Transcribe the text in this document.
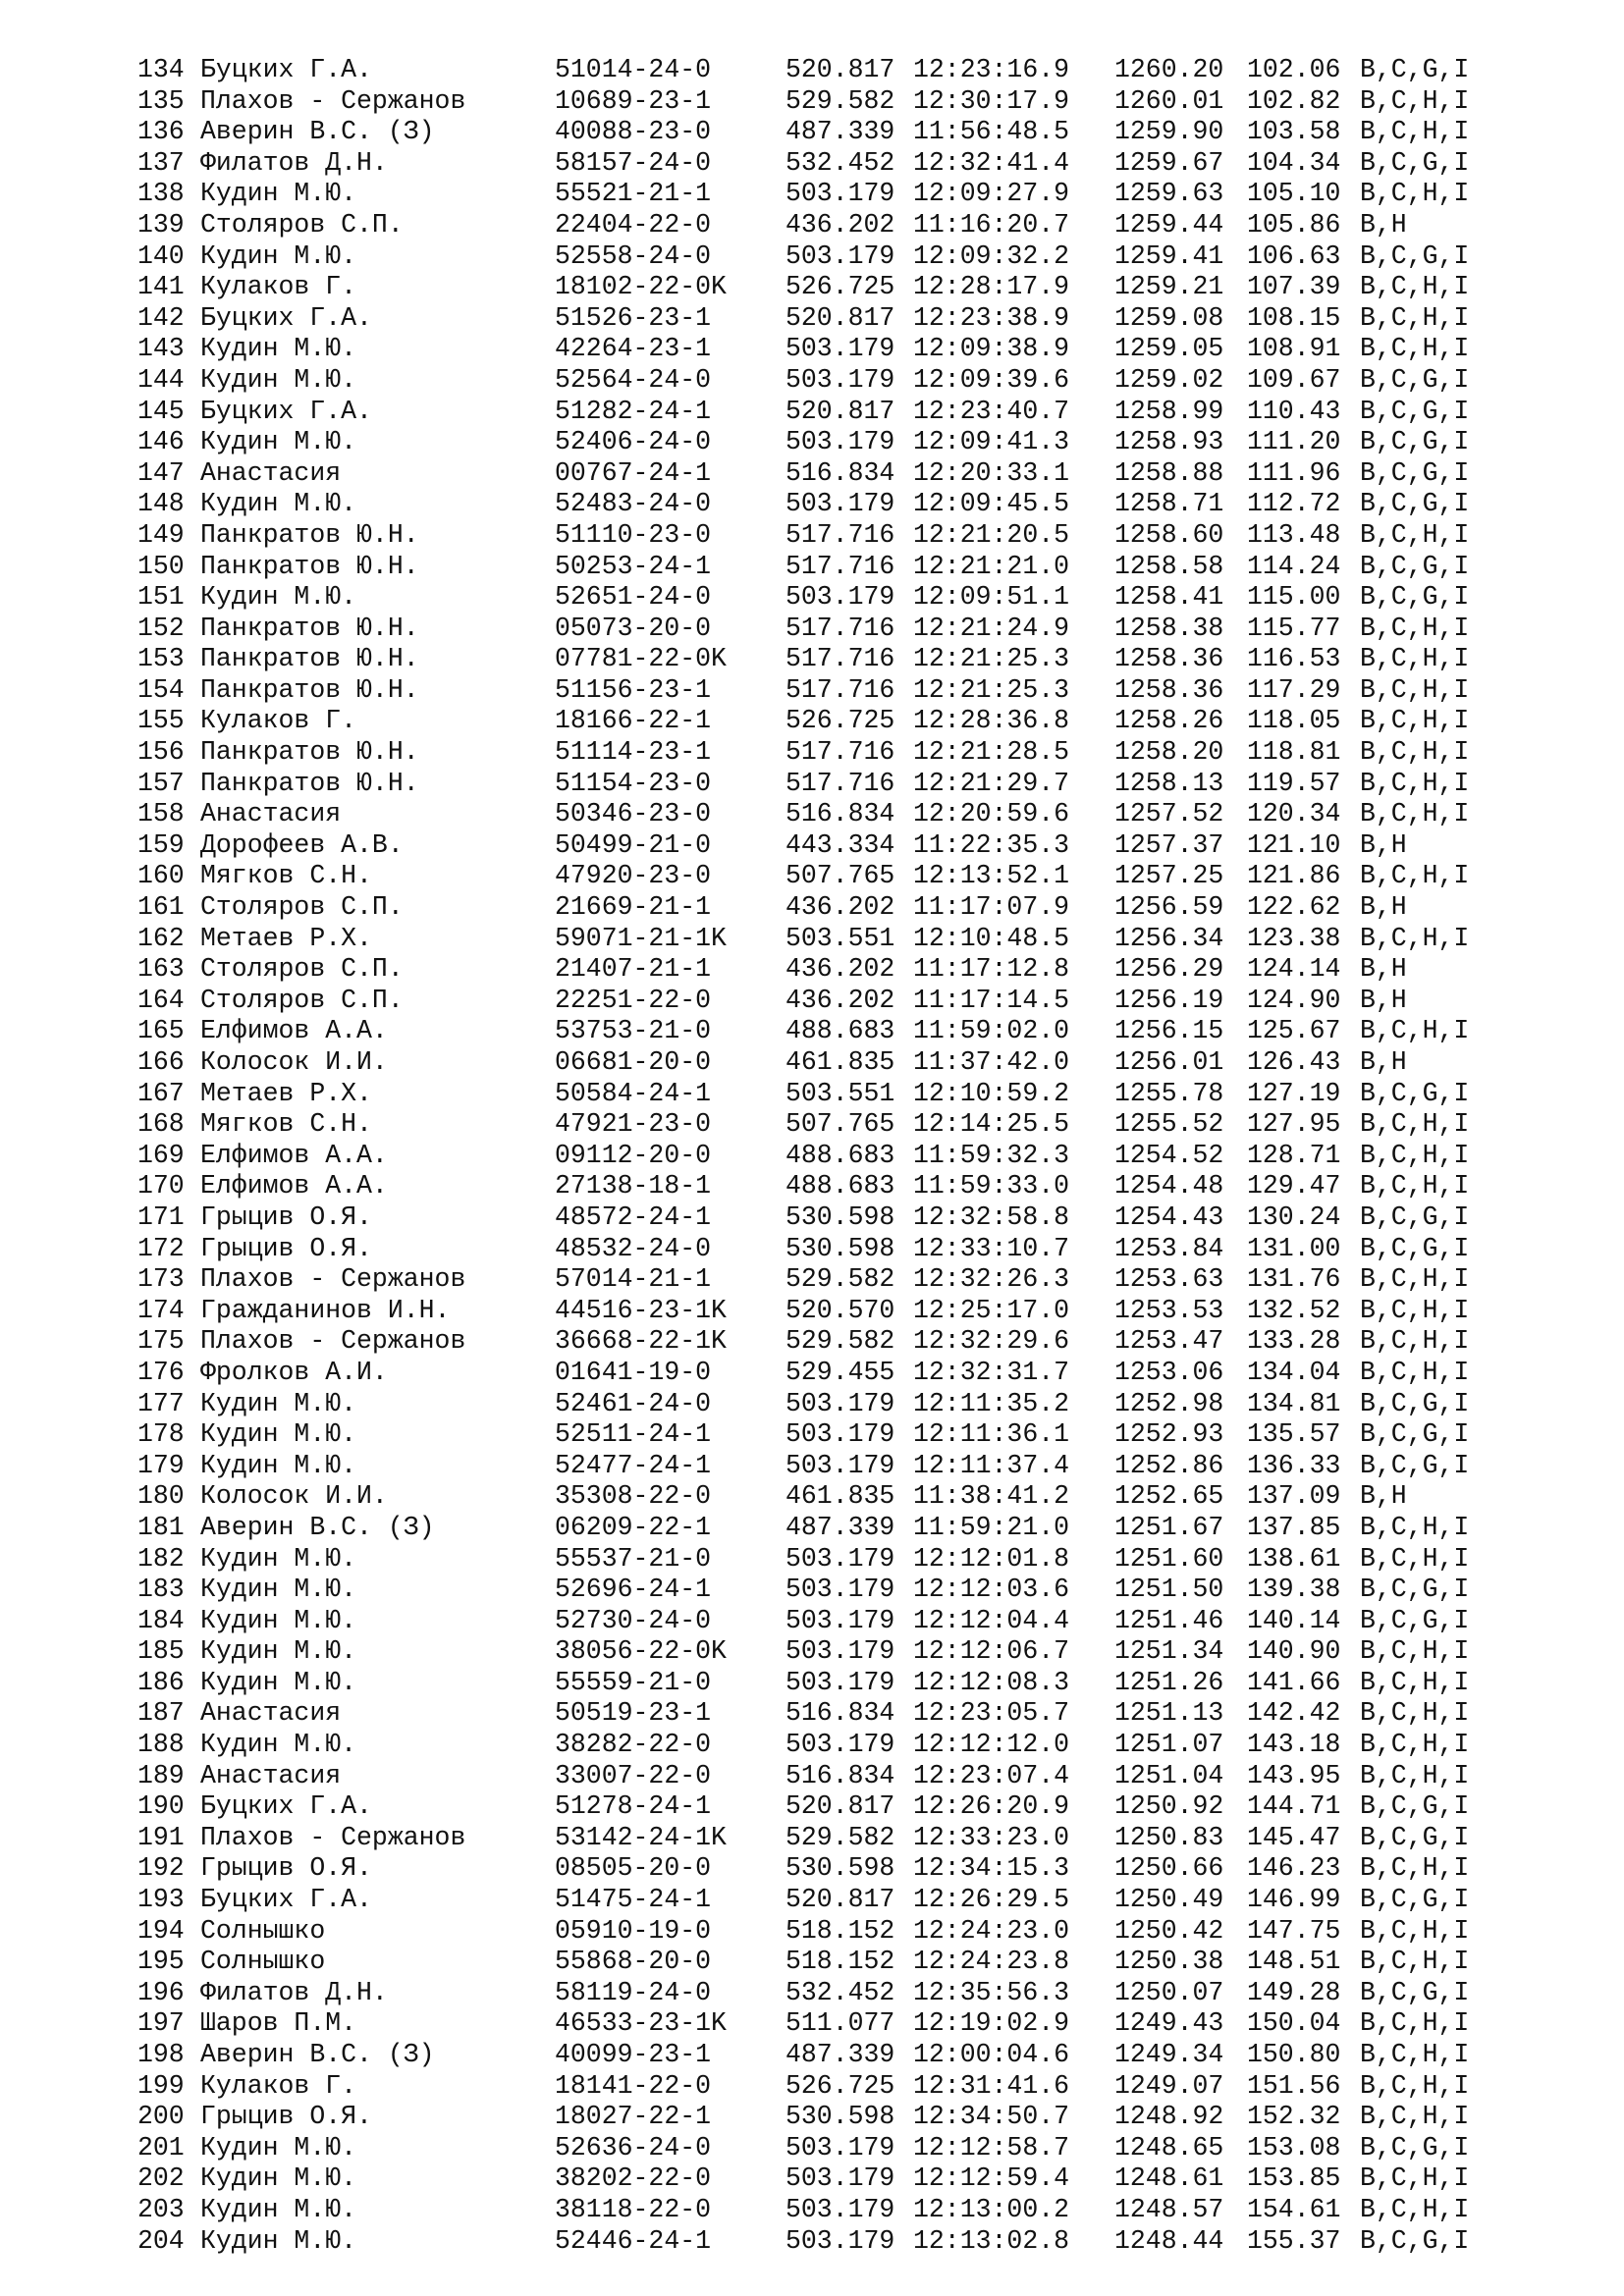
134 Буцких Г.А.	51014-24-0	520.817 12:23:16.9 1260.20 102.06 B,C,G,I
135 Плахов - Сержанов	10689-23-1	529.582 12:30:17.9 1260.01 102.82 B,C,H,I
136 Аверин В.С. (З)	40088-23-0	487.339 11:56:48.5 1259.90 103.58 B,C,H,I
137 Филатов Д.Н.	58157-24-0	532.452 12:32:41.4 1259.67 104.34 B,C,G,I
138 Кудин М.Ю.	55521-21-1	503.179 12:09:27.9 1259.63 105.10 B,C,H,I
139 Столяров С.П.	22404-22-0	436.202 11:16:20.7 1259.44 105.86 B,H
140 Кудин М.Ю.	52558-24-0	503.179 12:09:32.2 1259.41 106.63 B,C,G,I
141 Кулаков Г.	18102-22-0K 526.725 12:28:17.9 1259.21 107.39 B,C,H,I
142 Буцких Г.А.	51526-23-1	520.817 12:23:38.9 1259.08 108.15 B,C,H,I
143 Кудин М.Ю.	42264-23-1	503.179 12:09:38.9 1259.05 108.91 B,C,H,I
144 Кудин М.Ю.	52564-24-0	503.179 12:09:39.6 1259.02 109.67 B,C,G,I
145 Буцких Г.А.	51282-24-1	520.817 12:23:40.7 1258.99 110.43 B,C,G,I
146 Кудин М.Ю.	52406-24-0	503.179 12:09:41.3 1258.93 111.20 B,C,G,I
147 Анастасия	00767-24-1	516.834 12:20:33.1 1258.88 111.96 B,C,G,I
148 Кудин М.Ю.	52483-24-0	503.179 12:09:45.5 1258.71 112.72 B,C,G,I
149 Панкратов Ю.Н.	51110-23-0	517.716 12:21:20.5 1258.60 113.48 B,C,H,I
150 Панкратов Ю.Н.	50253-24-1	517.716 12:21:21.0 1258.58 114.24 B,C,G,I
151 Кудин М.Ю.	52651-24-0	503.179 12:09:51.1 1258.41 115.00 B,C,G,I
152 Панкратов Ю.Н.	05073-20-0	517.716 12:21:24.9 1258.38 115.77 B,C,H,I
153 Панкратов Ю.Н.	07781-22-0K 517.716 12:21:25.3 1258.36 116.53 B,C,H,I
154 Панкратов Ю.Н.	51156-23-1	517.716 12:21:25.3 1258.36 117.29 B,C,H,I
155 Кулаков Г.	18166-22-1	526.725 12:28:36.8 1258.26 118.05 B,C,H,I
156 Панкратов Ю.Н.	51114-23-1	517.716 12:21:28.5 1258.20 118.81 B,C,H,I
157 Панкратов Ю.Н.	51154-23-0	517.716 12:21:29.7 1258.13 119.57 B,C,H,I
158 Анастасия	50346-23-0	516.834 12:20:59.6 1257.52 120.34 B,C,H,I
159 Дорофеев А.В.	50499-21-0	443.334 11:22:35.3 1257.37 121.10 B,H
160 Мягков С.Н.	47920-23-0	507.765 12:13:52.1 1257.25 121.86 B,C,H,I
161 Столяров С.П.	21669-21-1	436.202 11:17:07.9 1256.59 122.62 B,H
162 Метаев Р.Х.	59071-21-1K 503.551 12:10:48.5 1256.34 123.38 B,C,H,I
163 Столяров С.П.	21407-21-1	436.202 11:17:12.8 1256.29 124.14 B,H
164 Столяров С.П.	22251-22-0	436.202 11:17:14.5 1256.19 124.90 B,H
165 Елфимов А.А.	53753-21-0	488.683 11:59:02.0 1256.15 125.67 B,C,H,I
166 Колосок И.И.	06681-20-0	461.835 11:37:42.0 1256.01 126.43 B,H
167 Метаев Р.Х.	50584-24-1	503.551 12:10:59.2 1255.78 127.19 B,C,G,I
168 Мягков С.Н.	47921-23-0	507.765 12:14:25.5 1255.52 127.95 B,C,H,I
169 Елфимов А.А.	09112-20-0	488.683 11:59:32.3 1254.52 128.71 B,C,H,I
170 Елфимов А.А.	27138-18-1	488.683 11:59:33.0 1254.48 129.47 B,C,H,I
171 Грыцив О.Я.	48572-24-1	530.598 12:32:58.8 1254.43 130.24 B,C,G,I
172 Грыцив О.Я.	48532-24-0	530.598 12:33:10.7 1253.84 131.00 B,C,G,I
173 Плахов - Сержанов	57014-21-1	529.582 12:32:26.3 1253.63 131.76 B,C,H,I
174 Гражданинов И.Н.	44516-23-1K 520.570 12:25:17.0 1253.53 132.52 B,C,H,I
175 Плахов - Сержанов	36668-22-1K 529.582 12:32:29.6 1253.47 133.28 B,C,H,I
176 Фролков А.И.	01641-19-0	529.455 12:32:31.7 1253.06 134.04 B,C,H,I
177 Кудин М.Ю.	52461-24-0	503.179 12:11:35.2 1252.98 134.81 B,C,G,I
178 Кудин М.Ю.	52511-24-1	503.179 12:11:36.1 1252.93 135.57 B,C,G,I
179 Кудин М.Ю.	52477-24-1	503.179 12:11:37.4 1252.86 136.33 B,C,G,I
180 Колосок И.И.	35308-22-0	461.835 11:38:41.2 1252.65 137.09 B,H
181 Аверин В.С. (З)	06209-22-1	487.339 11:59:21.0 1251.67 137.85 B,C,H,I
182 Кудин М.Ю.	55537-21-0	503.179 12:12:01.8 1251.60 138.61 B,C,H,I
183 Кудин М.Ю.	52696-24-1	503.179 12:12:03.6 1251.50 139.38 B,C,G,I
184 Кудин М.Ю.	52730-24-0	503.179 12:12:04.4 1251.46 140.14 B,C,G,I
185 Кудин М.Ю.	38056-22-0K 503.179 12:12:06.7 1251.34 140.90 B,C,H,I
186 Кудин М.Ю.	55559-21-0	503.179 12:12:08.3 1251.26 141.66 B,C,H,I
187 Анастасия	50519-23-1	516.834 12:23:05.7 1251.13 142.42 B,C,H,I
188 Кудин М.Ю.	38282-22-0	503.179 12:12:12.0 1251.07 143.18 B,C,H,I
189 Анастасия	33007-22-0	516.834 12:23:07.4 1251.04 143.95 B,C,H,I
190 Буцких Г.А.	51278-24-1	520.817 12:26:20.9 1250.92 144.71 B,C,G,I
191 Плахов - Сержанов	53142-24-1K 529.582 12:33:23.0 1250.83 145.47 B,C,G,I
192 Грыцив О.Я.	08505-20-0	530.598 12:34:15.3 1250.66 146.23 B,C,H,I
193 Буцких Г.А.	51475-24-1	520.817 12:26:29.5 1250.49 146.99 B,C,G,I
194 Солнышко	05910-19-0	518.152 12:24:23.0 1250.42 147.75 B,C,H,I
195 Солнышко	55868-20-0	518.152 12:24:23.8 1250.38 148.51 B,C,H,I
196 Филатов Д.Н.	58119-24-0	532.452 12:35:56.3 1250.07 149.28 B,C,G,I
197 Шаров П.М.	46533-23-1K 511.077 12:19:02.9 1249.43 150.04 B,C,H,I
198 Аверин В.С. (З)	40099-23-1	487.339 12:00:04.6 1249.34 150.80 B,C,H,I
199 Кулаков Г.	18141-22-0	526.725 12:31:41.6 1249.07 151.56 B,C,H,I
200 Грыцив О.Я.	18027-22-1	530.598 12:34:50.7 1248.92 152.32 B,C,H,I
201 Кудин М.Ю.	52636-24-0	503.179 12:12:58.7 1248.65 153.08 B,C,G,I
202 Кудин М.Ю.	38202-22-0	503.179 12:12:59.4 1248.61 153.85 B,C,H,I
203 Кудин М.Ю.	38118-22-0	503.179 12:13:00.2 1248.57 154.61 B,C,H,I
204 Кудин М.Ю.	52446-24-1	503.179 12:13:02.8 1248.44 155.37 B,C,G,I
